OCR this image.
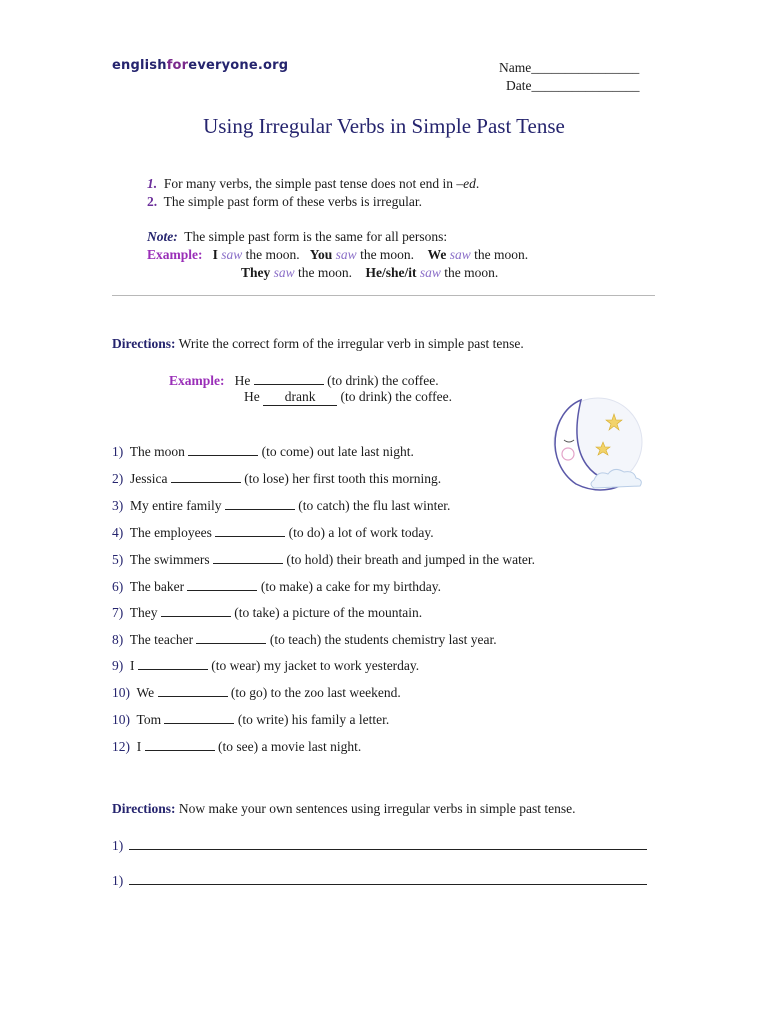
englishforeveryone.org	Name________________
Date________________
Using Irregular Verbs in Simple Past Tense
1. For many verbs, the simple past tense does not end in –ed.
2. The simple past form of these verbs is irregular.
Note: The simple past form is the same for all persons:
Example: I saw the moon. You saw the moon. We saw the moon.
They saw the moon. He/she/it saw the moon.
Directions: Write the correct form of the irregular verb in simple past tense.
Example: He	(to drink) the coffee.
He drank (to drink) the coffee.
1) The moon	(to come) out late last night.
2) Jessica	(to lose) her first tooth this morning.
3) My entire family	(to catch) the flu last winter.
4) The employees	(to do) a lot of work today.
5) The swimmers	(to hold) their breath and jumped in the water.
6) The baker	(to make) a cake for my birthday.
7) They	(to take) a picture of the mountain.
8) The teacher	(to teach) the students chemistry last year.
9) I	(to wear) my jacket to work yesterday.
10) We	(to go) to the zoo last weekend.
10) Tom	(to write) his family a letter.
12) I	(to see) a movie last night.
Directions: Now make your own sentences using irregular verbs in simple past tense.
1)
1)
